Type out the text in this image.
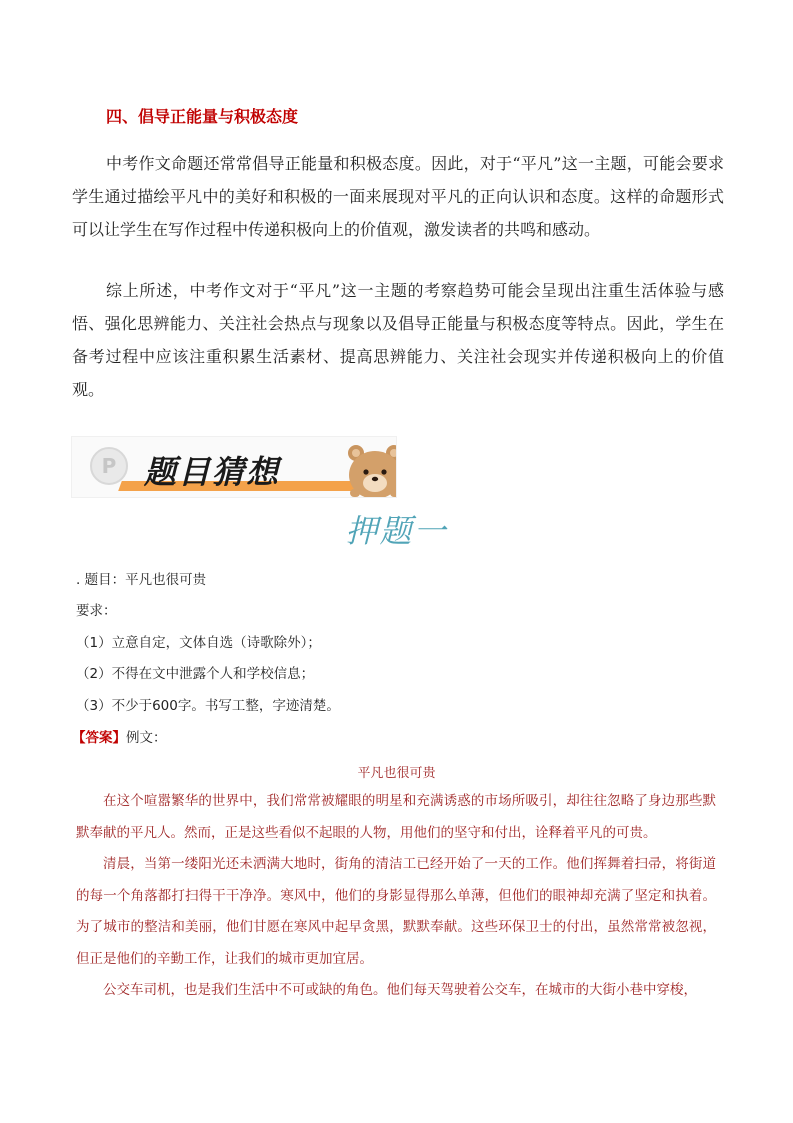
四、倡导正能量与积极态度

中考作文命题还常常倡导正能量和积极态度。因此，对于“平凡”这一主题，可能会要求学生通过描绘平凡中的美好和积极的一面来展现对平凡的正向认识和态度。这样的命题形式可以让学生在写作过程中传递积极向上的价值观，激发读者的共鸣和感动。

综上所述，中考作文对于“平凡”这一主题的考察趋势可能会呈现出注重生活体验与感悟、强化思辨能力、关注社会热点与现象以及倡导正能量与积极态度等特点。因此，学生在备考过程中应该注重积累生活素材、提高思辨能力、关注社会现实并传递积极向上的价值观。

P 题目猜想
押题一
. 题目：平凡也很可贵
要求：
（1）立意自定，文体自选（诗歌除外）；
（2）不得在文中泄露个人和学校信息；
（3）不少于600字。书写工整，字迹清楚。
【答案】例文：
平凡也很可贵

在这个喧嚣繁华的世界中，我们常常被耀眼的明星和充满诱惑的市场所吸引，却往往忽略了身边那些默默奉献的平凡人。然而，正是这些看似不起眼的人物，用他们的坚守和付出，诠释着平凡的可贵。

清晨，当第一缕阳光还未洒满大地时，街角的清洁工已经开始了一天的工作。他们挥舞着扫帚，将街道的每一个角落都打扫得干干净净。寒风中，他们的身影显得那么单薄，但他们的眼神却充满了坚定和执着。为了城市的整洁和美丽，他们甘愿在寒风中起早贪黑，默默奉献。这些环保卫士的付出，虽然常常被忽视，但正是他们的辛勤工作，让我们的城市更加宜居。

公交车司机，也是我们生活中不可或缺的角色。他们每天驾驶着公交车，在城市的大街小巷中穿梭，
